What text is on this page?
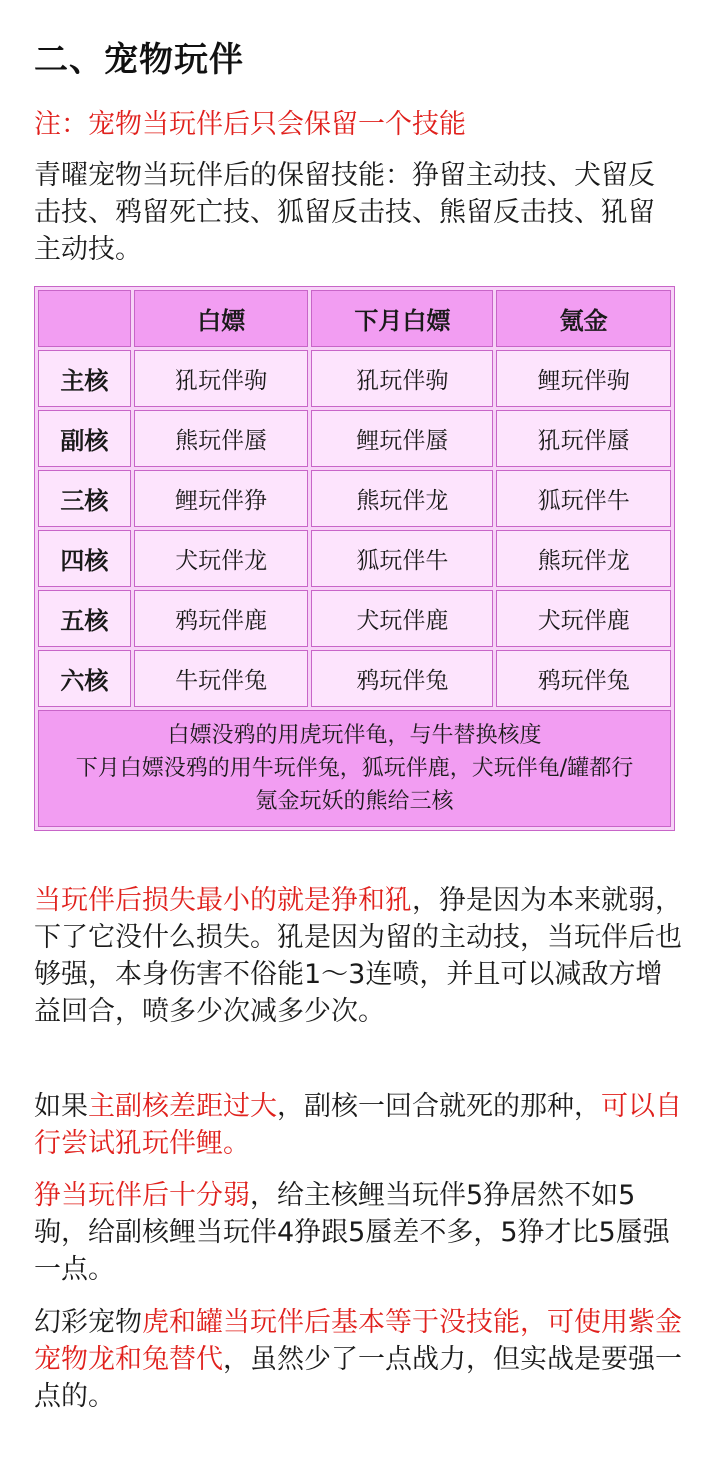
二、宠物玩伴
注：宠物当玩伴后只会保留一个技能
青曜宠物当玩伴后的保留技能：狰留主动技、犬留反击技、鸦留死亡技、狐留反击技、熊留反击技、犼留主动技。
	白嫖	下月白嫖	氪金
主核	犼玩伴驹	犼玩伴驹	鲤玩伴驹
副核	熊玩伴蜃	鲤玩伴蜃	犼玩伴蜃
三核	鲤玩伴狰	熊玩伴龙	狐玩伴牛
四核	犬玩伴龙	狐玩伴牛	熊玩伴龙
五核	鸦玩伴鹿	犬玩伴鹿	犬玩伴鹿
六核	牛玩伴兔	鸦玩伴兔	鸦玩伴兔

白嫖没鸦的用虎玩伴龟，与牛替换核度
下月白嫖没鸦的用牛玩伴兔，狐玩伴鹿，犬玩伴龟/罐都行
氪金玩妖的熊给三核			
当玩伴后损失最小的就是狰和犼，狰是因为本来就弱，下了它没什么损失。犼是因为留的主动技，当玩伴后也够强，本身伤害不俗能1～3连喷，并且可以减敌方增益回合，喷多少次减多少次。
如果主副核差距过大，副核一回合就死的那种，可以自行尝试犼玩伴鲤。
狰当玩伴后十分弱，给主核鲤当玩伴5狰居然不如5驹，给副核鲤当玩伴4狰跟5蜃差不多，5狰才比5蜃强一点。
幻彩宠物虎和罐当玩伴后基本等于没技能，可使用紫金宠物龙和兔替代，虽然少了一点战力，但实战是要强一点的。
